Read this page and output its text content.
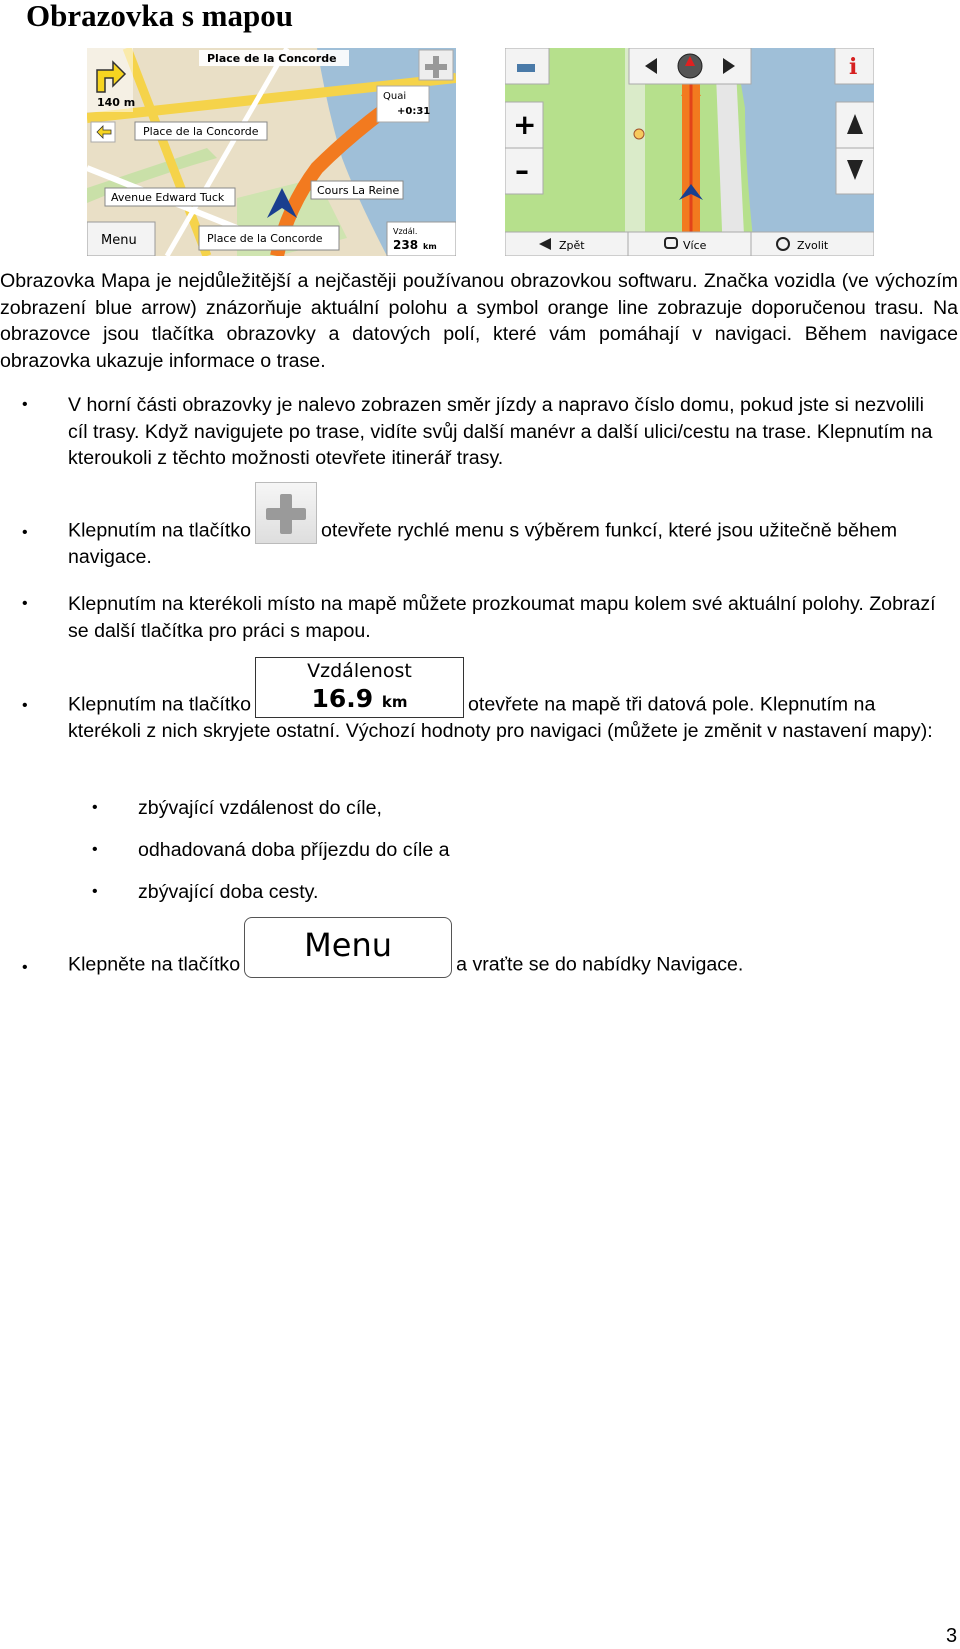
Obrazovka s mapou
140 m
Place de la Concorde
Quai
+0:31
Place de la Concorde
Avenue Edward Tuck
Cours La Reine
Menu	Place de la Concorde
Vzdál.
238 km
i
+
–
Zpět	Více	Zvolit

Obrazovka Mapa je nejdůležitější a nejčastěji používanou obrazovkou softwaru. Značka vozidla (ve výchozím zobrazení blue arrow) znázorňuje aktuální polohu a symbol orange line zobrazuje doporučenou trasu. Na obrazovce jsou tlačítka obrazovky a datových polí, které vám pomáhají v navigaci. Během navigace obrazovka ukazuje informace o trase.

• V horní části obrazovky je nalevo zobrazen směr jízdy a napravo číslo domu, pokud jste si nezvolili cíl trasy. Když navigujete po trase, vidíte svůj další manévr a další ulici/cestu na trase. Klepnutím na kteroukoli z těchto možnosti otevřete itinerář trasy.

• Klepnutím na tlačítko	otevřete rychlé menu s výběrem funkcí, které jsou užitečně během navigace.

• Klepnutím na kterékoli místo na mapě můžete prozkoumat mapu kolem své aktuální polohy. Zobrazí se další tlačítka pro práci s mapou.

• Klepnutím na tlačítko
Vzdálenost
16.9 km	otevřete na mapě tři datová pole. Klepnutím na kterékoli z nich skryjete ostatní. Výchozí hodnoty pro navigaci (můžete je změnit v nastavení mapy):

• zbývající vzdálenost do cíle,

• odhadovaná doba příjezdu do cíle a

• zbývající doba cesty.

• Klepněte na tlačítkoMenua vraťte se do nabídky Navigace.

3
